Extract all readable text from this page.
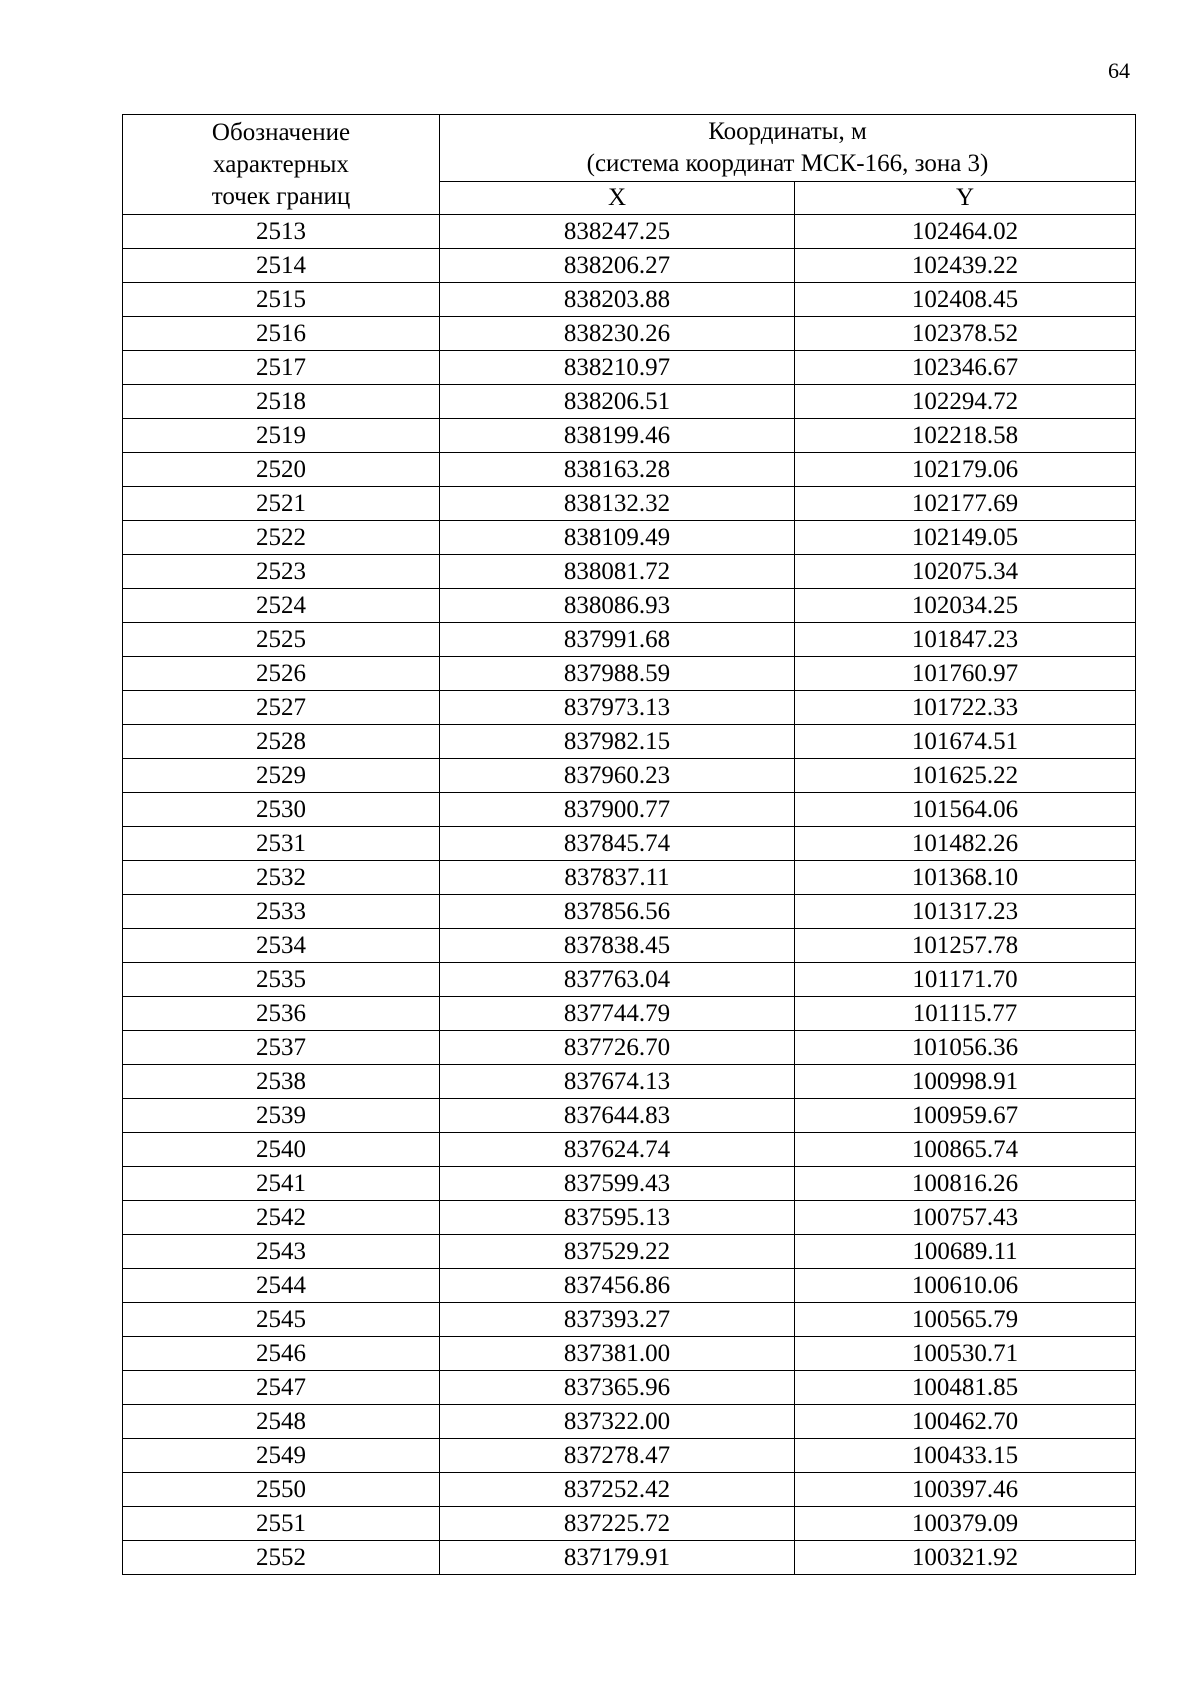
64
Обозначение
характерных
точек границ	Координаты, м
(система координат МСК-166, зона 3)	

	X	Y
2513	838247.25	102464.02
2514	838206.27	102439.22
2515	838203.88	102408.45
2516	838230.26	102378.52
2517	838210.97	102346.67
2518	838206.51	102294.72
2519	838199.46	102218.58
2520	838163.28	102179.06
2521	838132.32	102177.69
2522	838109.49	102149.05
2523	838081.72	102075.34
2524	838086.93	102034.25
2525	837991.68	101847.23
2526	837988.59	101760.97
2527	837973.13	101722.33
2528	837982.15	101674.51
2529	837960.23	101625.22
2530	837900.77	101564.06
2531	837845.74	101482.26
2532	837837.11	101368.10
2533	837856.56	101317.23
2534	837838.45	101257.78
2535	837763.04	101171.70
2536	837744.79	101115.77
2537	837726.70	101056.36
2538	837674.13	100998.91
2539	837644.83	100959.67
2540	837624.74	100865.74
2541	837599.43	100816.26
2542	837595.13	100757.43
2543	837529.22	100689.11
2544	837456.86	100610.06
2545	837393.27	100565.79
2546	837381.00	100530.71
2547	837365.96	100481.85
2548	837322.00	100462.70
2549	837278.47	100433.15
2550	837252.42	100397.46
2551	837225.72	100379.09
2552	837179.91	100321.92
